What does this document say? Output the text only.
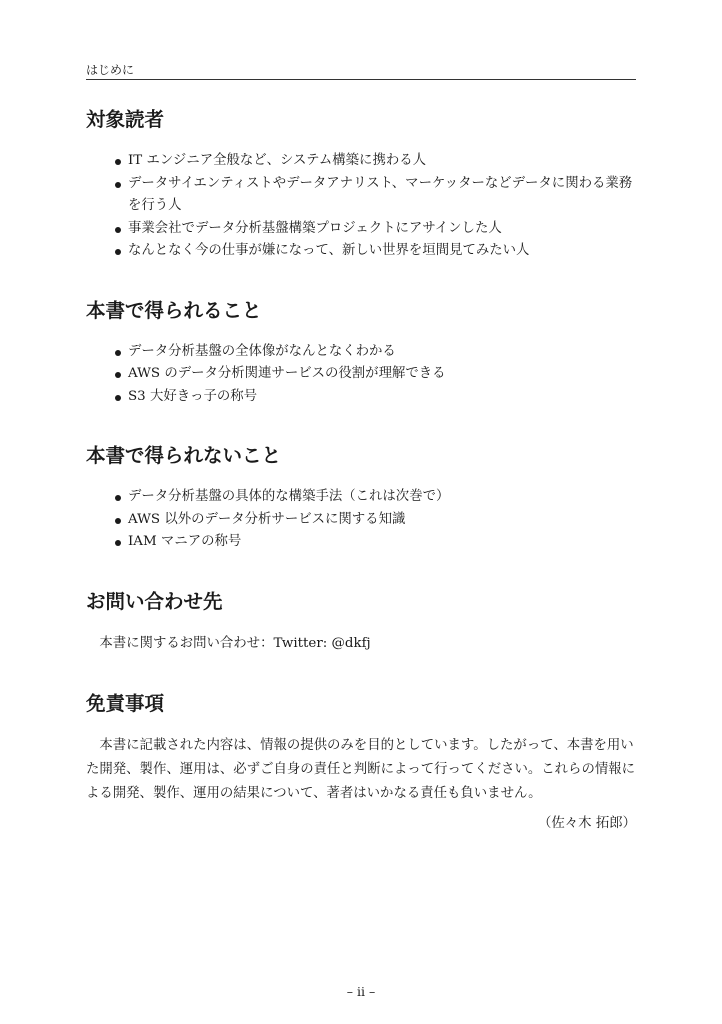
はじめに
対象読者
IT エンジニア全般など、システム構築に携わる人
データサイエンティストやデータアナリスト、マーケッターなどデータに関わる業務を行う人
事業会社でデータ分析基盤構築プロジェクトにアサインした人
なんとなく今の仕事が嫌になって、新しい世界を垣間見てみたい人
本書で得られること
データ分析基盤の全体像がなんとなくわかる
AWS のデータ分析関連サービスの役割が理解できる
S3 大好きっ子の称号
本書で得られないこと
データ分析基盤の具体的な構築手法（これは次巻で）
AWS 以外のデータ分析サービスに関する知識
IAM マニアの称号
お問い合わせ先

本書に関するお問い合わせ：Twitter: @dkfj

免責事項

本書に記載された内容は、情報の提供のみを目的としています。したがって、本書を用いた開発、製作、運用は、必ずご自身の責任と判断によって行ってください。これらの情報による開発、製作、運用の結果について、著者はいかなる責任も負いません。

（佐々木 拓郎）

– ii –
